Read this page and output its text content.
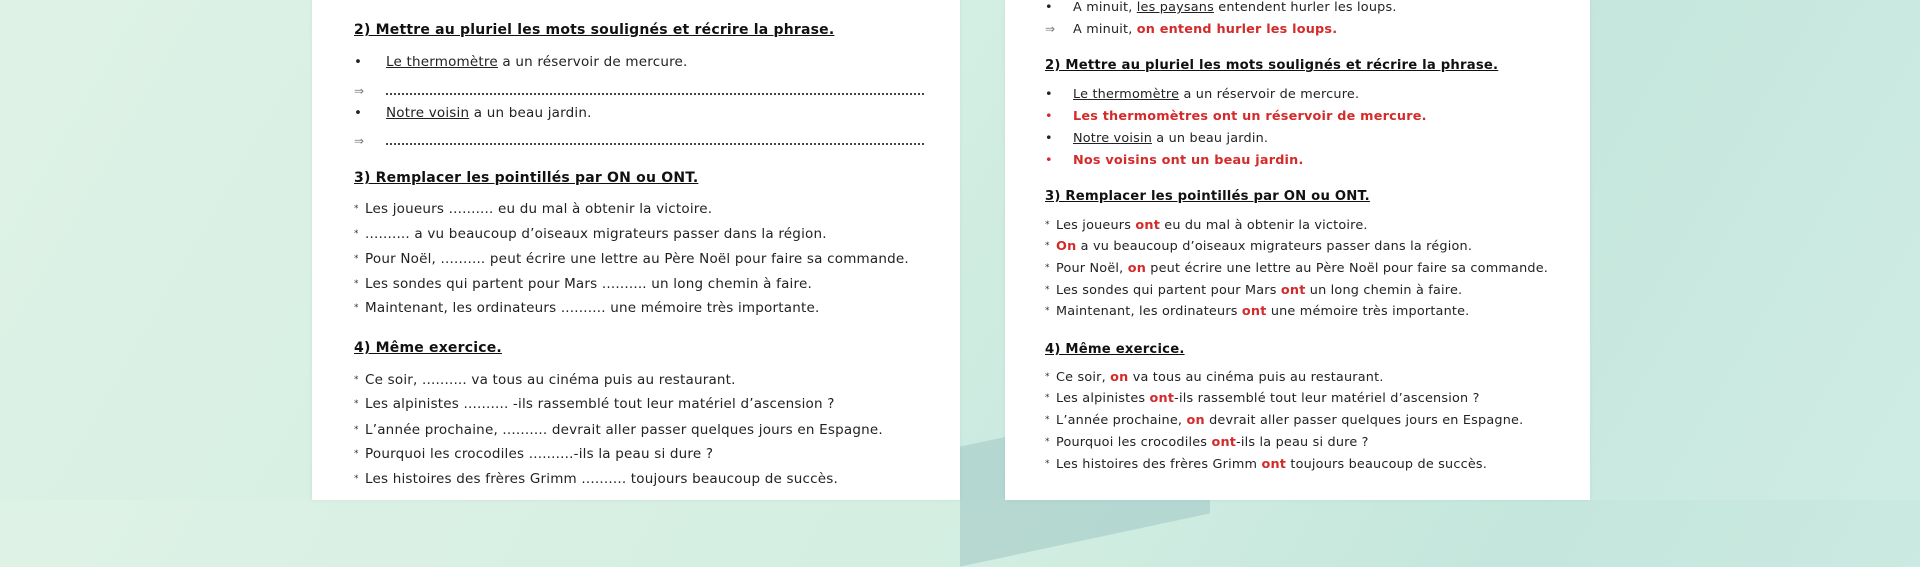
2) Mettre au pluriel les mots soulignés et récrire la phrase.
• Le thermomètre a un réservoir de mercure.
⇒
• Notre voisin a un beau jardin.
⇒
3) Remplacer les pointillés par ON ou ONT.
* Les joueurs .......... eu du mal à obtenir la victoire.
* .......... a vu beaucoup d’oiseaux migrateurs passer dans la région.
* Pour Noël, .......... peut écrire une lettre au Père Noël pour faire sa commande.
* Les sondes qui partent pour Mars .......... un long chemin à faire.
* Maintenant, les ordinateurs .......... une mémoire très importante.
4) Même exercice.
* Ce soir, .......... va tous au cinéma puis au restaurant.
* Les alpinistes .......... -ils rassemblé tout leur matériel d’ascension ?
* L’année prochaine, .......... devrait aller passer quelques jours en Espagne.
* Pourquoi les crocodiles ..........-ils la peau si dure ?
* Les histoires des frères Grimm .......... toujours beaucoup de succès.
• A minuit, les paysans entendent hurler les loups.
⇒ A minuit, on entend hurler les loups.
2) Mettre au pluriel les mots soulignés et récrire la phrase.
• Le thermomètre a un réservoir de mercure.
• Les thermomètres ont un réservoir de mercure.
• Notre voisin a un beau jardin.
• Nos voisins ont un beau jardin.
3) Remplacer les pointillés par ON ou ONT.
* Les joueurs ont eu du mal à obtenir la victoire.
* On a vu beaucoup d’oiseaux migrateurs passer dans la région.
* Pour Noël, on peut écrire une lettre au Père Noël pour faire sa commande.
* Les sondes qui partent pour Mars ont un long chemin à faire.
* Maintenant, les ordinateurs ont une mémoire très importante.
4) Même exercice.
* Ce soir, on va tous au cinéma puis au restaurant.
* Les alpinistes ont-ils rassemblé tout leur matériel d’ascension ?
* L’année prochaine, on devrait aller passer quelques jours en Espagne.
* Pourquoi les crocodiles ont-ils la peau si dure ?
* Les histoires des frères Grimm ont toujours beaucoup de succès.
